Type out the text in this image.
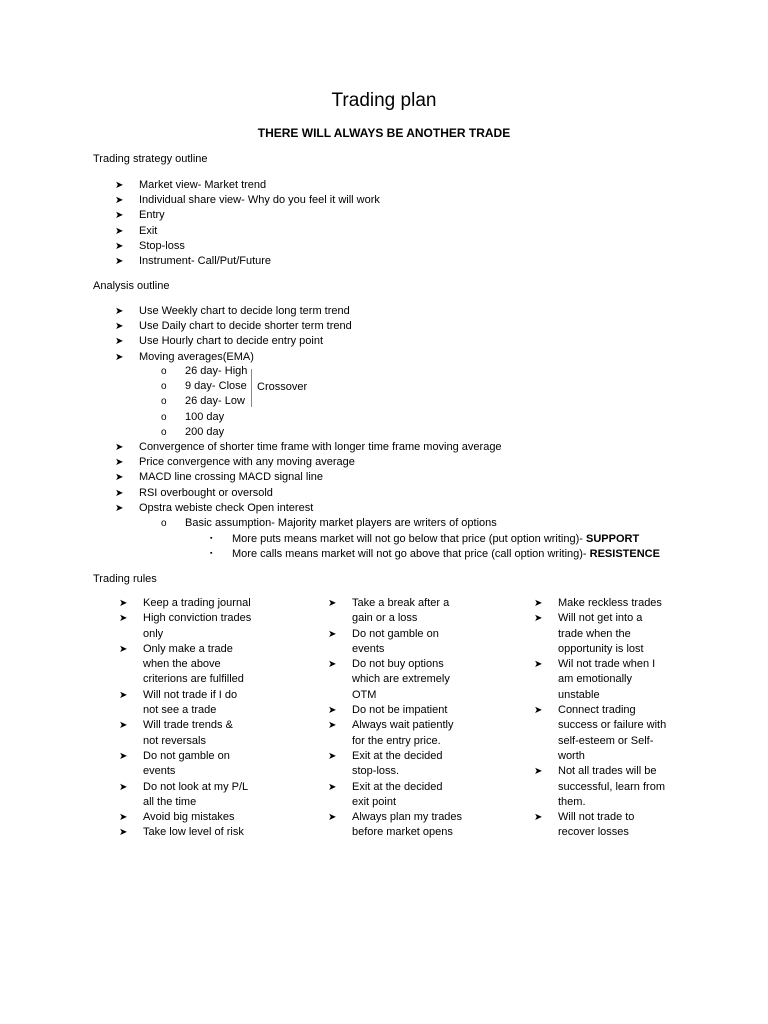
Trading plan
THERE WILL ALWAYS BE ANOTHER TRADE
Trading strategy outline
➤ Market view- Market trend
➤ Individual share view- Why do you feel it will work
➤ Entry
➤ Exit
➤ Stop-loss
➤ Instrument- Call/Put/Future
Analysis outline
➤ Use Weekly chart to decide long term trend
➤ Use Daily chart to decide shorter term trend
➤ Use Hourly chart to decide entry point
➤ Moving averages(EMA)
o 26 day- High
o 9 day- Close
o 26 day- Low
o 100 day
o 200 day
Crossover
➤ Convergence of shorter time frame with longer time frame moving average
➤ Price convergence with any moving average
➤ MACD line crossing MACD signal line
➤ RSI overbought or oversold
➤ Opstra webiste check Open interest
o Basic assumption- Majority market players are writers of options
▪ More puts means market will not go below that price (put option writing)- SUPPORT
▪ More calls means market will not go above that price (call option writing)- RESISTENCE
Trading rules
➤ Keep a trading journal
➤ High conviction trades
only
➤ Only make a trade
when the above
criterions are fulfilled
➤ Will not trade if I do
not see a trade
➤ Will trade trends &
not reversals
➤ Do not gamble on
events
➤ Do not look at my P/L
all the time
➤ Avoid big mistakes
➤ Take low level of risk
➤ Take a break after a
gain or a loss
➤ Do not gamble on
events
➤ Do not buy options
which are extremely
OTM
➤ Do not be impatient
➤ Always wait patiently
for the entry price.
➤ Exit at the decided
stop-loss.
➤ Exit at the decided
exit point
➤ Always plan my trades
before market opens
➤ Make reckless trades
➤ Will not get into a
trade when the
opportunity is lost
➤ Wil not trade when I
am emotionally
unstable
➤ Connect trading
success or failure with
self-esteem or Self-
worth
➤ Not all trades will be
successful, learn from
them.
➤ Will not trade to
recover losses
